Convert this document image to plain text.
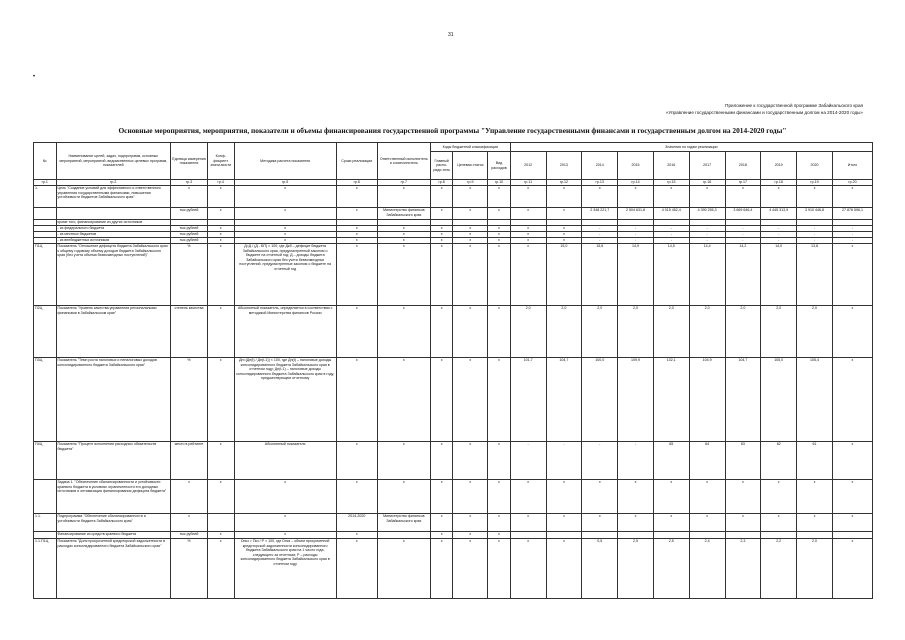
31
•
Приложение к государственной программе Забайкальского края
«Управление государственными финансами и государственным долгом на 2014-2020 годы»
Основные мероприятия, мероприятия, показатели и объемы финансирования государственной программы "Управление государственными финансами и государственным долгом на 2014-2020 годы"
№	Наименование целей, задач, подпрограмм, основных мероприятий, мероприятий, ведомственных целевых программ, показателей	Единица измерения показателя	Коэф-фициент значи-мости	Методика расчета показателя	Сроки реализации	Ответственный исполнитель и соисполнитель	Коды бюджетной классификации			Значения по годам реализации									
							Главный распо-ряди-тель	Целевая статья	Вид расходов	2012	2013	2014	2015	2016	2017	2018	2019	2020	Итого
гр.1	гр.2	гр.3	гр.4	гр.5	гр.6	гр.7	гр.8	гр.9	гр.10	гр.11	гр.12	гр.13	гр.14	гр.15	гр.16	гр.17	гр.18	гр.19	гр.20
1.	Цель "Создание условий для эффективного и ответственного управления государственными финансами, повышения устойчивости бюджетов Забайкальского края"	х	х	х	х	х	х	х	х	х	х	х	х	х	х	х	х	х	х
		тыс.рублей	х	х	х	Министерство финансов Забайкальского края	х	х	х	х	х	2 348 221,7	2 504 631,8	4 015 452,4	4 390 255,3	3 669 646,4	4 445 313,9	3 910 446,8	27 876 596,1
	кроме того, финансирование из других источников																		
	- из федерального бюджета	тыс.рублей	х	х	х	х	х	х	х	х	х	-	-	-	-	-	-	-	-
	- из местных бюджетов	тыс.рублей	х	х	х	х	х	х	х	х	х	-	-	-	-	-	-	-	-
	- из внебюджетных источников	тыс.рублей	х	х	х	х	х	х	х	х	х	-	-	-	-	-	-	-	-
П1Ц	Показатель "Отношение дефицита бюджета Забайкальского края к общему годовому объему доходов бюджета Забайкальского края (без учета объема безвозмездных поступлений)"	%	х	Д=Д / (Д - БП) × 100, где Дкб – дефицит бюджета Забайкальского края, предусмотренный законом о бюджете на отчетный год; Д – доходы бюджета Забайкальского края без учета безвозмездных поступлений, предусмотренные законом о бюджете на отчетный год	х	х	х	х	х	х	15,0	15,6	14,9	14,5	14,4	14,2	14,0	13,8	х
П2Ц	Показатель "Уровень качества управления региональными финансами в Забайкальском крае"	степень качества	х	Абсолютный показатель, определяется в соответствии с методикой Министерства финансов России	х	х	х	х	х	2,0	2,0	2,0	2,0	2,0	2,0	2,0	2,0	2,0	х
П3Ц	Показатель "Темп роста налоговых и неналоговых доходов консолидированного бюджета Забайкальского края"	%	х	Дн=(Дн(t) / Дн(t-1)) × 100, где Дн(t) – налоговые доходы консолидированного бюджета Забайкальского края в отчетном году; Дн(t-1) – налоговые доходы консолидированного бюджета Забайкальского края в году, предшествующем отчетному	х	х	х	х	х	101,7	104,7	100,0	109,9	102,1	104,9	104,7	105,0	105,4	х
П4Ц	Показатель "Процент исполнения расходных обязательств бюджета"	место в рейтинге	х	Абсолютный показатель	х	х	х	х	х	-	-	-	-	65	64	63	62	61	х
	Задача 1. "Обеспечение сбалансированности и устойчивости краевого бюджета в условиях ограниченности его доходных источников и оптимизация финансирования дефицита бюджета"	х	х	х	х	х	х	х	х	х	х	х	х	х	х	х	х	х	х
1.1.	Подпрограмма "Обеспечение сбалансированности и устойчивости бюджета Забайкальского края"	х		х	2014-2020	Министерство финансов Забайкальского края	х	х	х	х	х	х	х	х	х	х	х	х	х
	Финансирование из средств краевого бюджета	тыс.рублей	х	х	х		х	х	х										
1.1.П1Ц	Показатель "Доля просроченной кредиторской задолженности в расходах консолидированного бюджета Забайкальского края"	%	х	Dпкз = Пкз / Р × 100, где Dпкз – объем просроченной кредиторской задолженности консолидированного бюджета Забайкальского края на 1 число года, следующего за отчетным; Р – расходы консолидированного бюджета Забайкальского края в отчетном году	х	х	х	х	х	х	х	0,5	2,5	2,5	2,4	2,3	2,2	2,0	х
